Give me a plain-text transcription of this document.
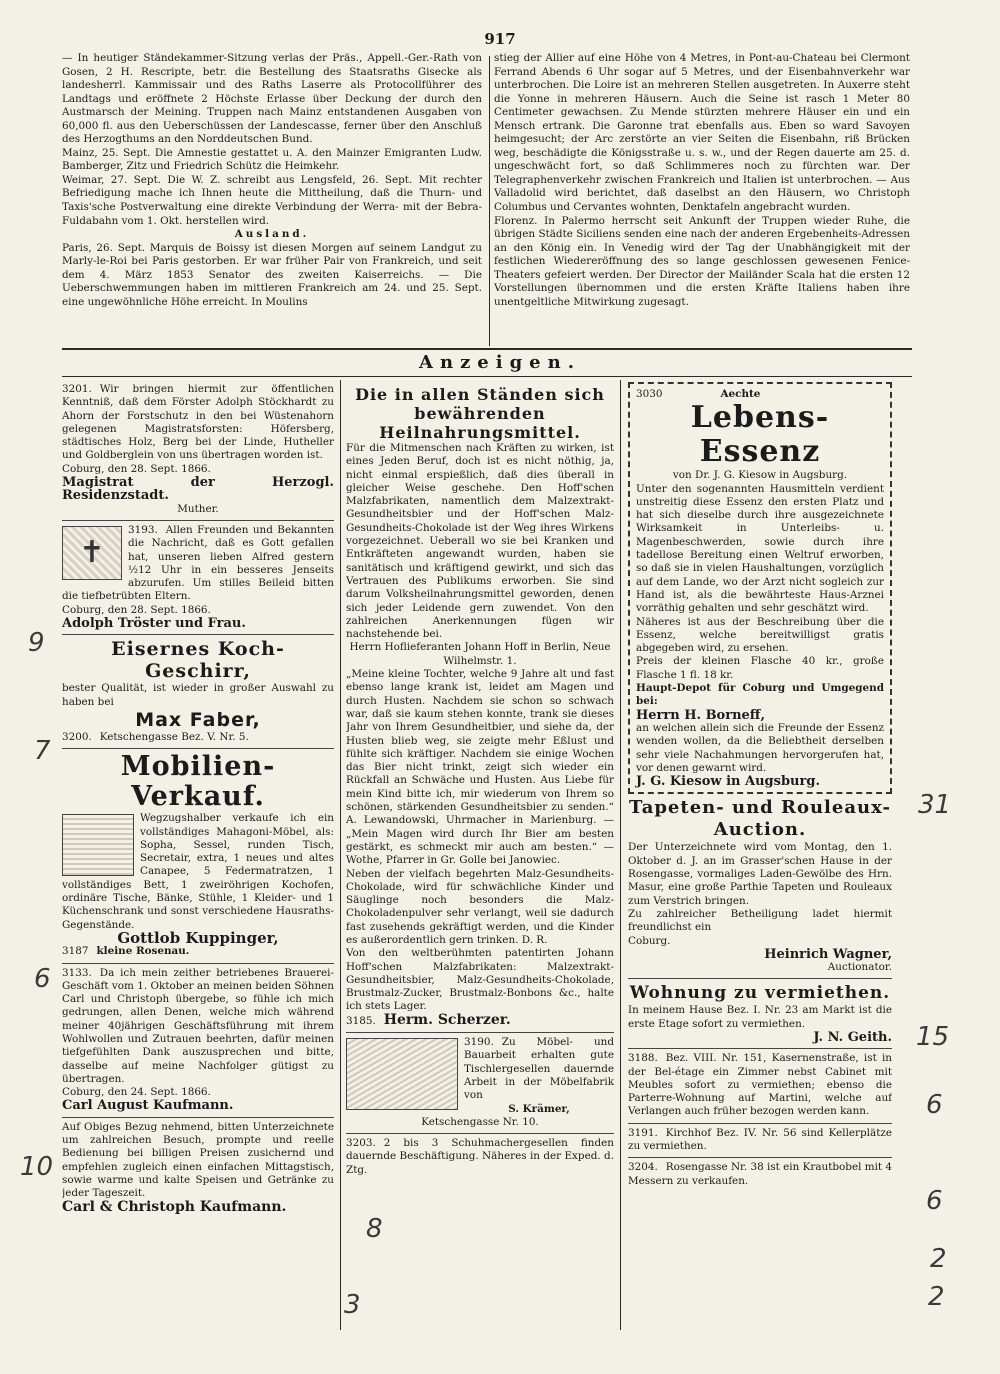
917

— In heutiger Ständekammer-Sitzung verlas der Präs., Appell.-Ger.-Rath von Gosen, 2 H. Rescripte, betr. die Bestellung des Staatsraths Gisecke als landesherrl. Kammissair und des Raths Laserre als Protocollführer des Landtags und eröffnete 2 Höchste Erlasse über Deckung der durch den Austmarsch der Meining. Truppen nach Mainz entstandenen Ausgaben von 60,000 fl. aus den Ueberschüssen der Landescasse, ferner über den Anschluß des Herzogthums an den Norddeutschen Bund.

Mainz, 25. Sept. Die Amnestie gestattet u. A. den Mainzer Emigranten Ludw. Bamberger, Zitz und Friedrich Schütz die Heimkehr.

Weimar, 27. Sept. Die W. Z. schreibt aus Lengsfeld, 26. Sept. Mit rechter Befriedigung mache ich Ihnen heute die Mittheilung, daß die Thurn- und Taxis'sche Postverwaltung eine direkte Verbindung der Werra- mit der Bebra-Fuldabahn vom 1. Okt. herstellen wird.

Ausland.

Paris, 26. Sept. Marquis de Boissy ist diesen Morgen auf seinem Landgut zu Marly-le-Roi bei Paris gestorben. Er war früher Pair von Frankreich, und seit dem 4. März 1853 Senator des zweiten Kaiserreichs. — Die Ueberschwemmungen haben im mittleren Frankreich am 24. und 25. Sept. eine ungewöhnliche Höhe erreicht. In Moulins

stieg der Allier auf eine Höhe von 4 Metres, in Pont-au-Chateau bei Clermont Ferrand Abends 6 Uhr sogar auf 5 Metres, und der Eisenbahnverkehr war unterbrochen. Die Loire ist an mehreren Stellen ausgetreten. In Auxerre steht die Yonne in mehreren Häusern. Auch die Seine ist rasch 1 Meter 80 Centimeter gewachsen. Zu Mende stürzten mehrere Häuser ein und ein Mensch ertrank. Die Garonne trat ebenfalls aus. Eben so ward Savoyen heimgesucht; der Arc zerstörte an vier Seiten die Eisenbahn, riß Brücken weg, beschädigte die Königsstraße u. s. w., und der Regen dauerte am 25. d. ungeschwächt fort, so daß Schlimmeres noch zu fürchten war. Der Telegraphenverkehr zwischen Frankreich und Italien ist unterbrochen. — Aus Valladolid wird berichtet, daß daselbst an den Häusern, wo Christoph Columbus und Cervantes wohnten, Denktafeln angebracht wurden.

Florenz. In Palermo herrscht seit Ankunft der Truppen wieder Ruhe, die übrigen Städte Siciliens senden eine nach der anderen Ergebenheits-Adressen an den König ein. In Venedig wird der Tag der Unabhängigkeit mit der festlichen Wiedereröffnung des so lange geschlossen gewesenen Fenice-Theaters gefeiert werden. Der Director der Mailänder Scala hat die ersten 12 Vorstellungen übernommen und die ersten Kräfte Italiens haben ihre unentgeltliche Mitwirkung zugesagt.

Anzeigen.

3201. Wir bringen hiermit zur öffentlichen Kenntniß, daß dem Förster Adolph Stöckhardt zu Ahorn der Forstschutz in den bei Wüstenahorn gelegenen Magistratsforsten: Höfersberg, städtisches Holz, Berg bei der Linde, Hutheller und Goldberglein von uns übertragen worden ist.

Coburg, den 28. Sept. 1866.

Magistrat der Herzogl. Residenzstadt.

Muther.

✝

3193. Allen Freunden und Bekannten die Nachricht, daß es Gott gefallen hat, unseren lieben Alfred gestern ½12 Uhr in ein besseres Jenseits abzurufen. Um stilles Beileid bitten die tiefbetrübten Eltern.

Coburg, den 28. Sept. 1866.

Adolph Tröster und Frau.

Eisernes Koch-Geschirr,

bester Qualität, ist wieder in großer Auswahl zu haben bei

Max Faber,

3200. Ketschengasse Bez. V. Nr. 5.

Mobilien-Verkauf.

Wegzugshalber verkaufe ich ein vollständiges Mahagoni-Möbel, als: Sopha, Sessel, runden Tisch, Secretair, extra, 1 neues und altes Canapee, 5 Federmatratzen, 1 vollständiges Bett, 1 zweiröhrigen Kochofen, ordinäre Tische, Bänke, Stühle, 1 Kleider- und 1 Küchenschrank und sonst verschiedene Hausraths-Gegenstände.

Gottlob Kuppinger,

3187 kleine Rosenau.

3133. Da ich mein zeither betriebenes Brauerei-Geschäft vom 1. Oktober an meinen beiden Söhnen Carl und Christoph übergebe, so fühle ich mich gedrungen, allen Denen, welche mich während meiner 40jährigen Geschäftsführung mit ihrem Wohlwollen und Zutrauen beehrten, dafür meinen tiefgefühlten Dank auszusprechen und bitte, dasselbe auf meine Nachfolger gütigst zu übertragen.

Coburg, den 24. Sept. 1866.

Carl August Kaufmann.

Auf Obiges Bezug nehmend, bitten Unterzeichnete um zahlreichen Besuch, prompte und reelle Bedienung bei billigen Preisen zusichernd und empfehlen zugleich einen einfachen Mittagstisch, sowie warme und kalte Speisen und Getränke zu jeder Tageszeit.

Carl & Christoph Kaufmann.

Die in allen Ständen sich bewährenden Heilnahrungsmittel.

Für die Mitmenschen nach Kräften zu wirken, ist eines Jeden Beruf, doch ist es nicht nöthig, ja, nicht einmal erspießlich, daß dies überall in gleicher Weise geschehe. Den Hoff'schen Malzfabrikaten, namentlich dem Malzextrakt-Gesundheitsbier und der Hoff'schen Malz-Gesundheits-Chokolade ist der Weg ihres Wirkens vorgezeichnet. Ueberall wo sie bei Kranken und Entkräfteten angewandt wurden, haben sie sanitätisch und kräftigend gewirkt, und sich das Vertrauen des Publikums erworben. Sie sind darum Volksheilnahrungsmittel geworden, denen sich jeder Leidende gern zuwendet. Von den zahlreichen Anerkennungen fügen wir nachstehende bei.

Herrn Hoflieferanten Johann Hoff in Berlin, Neue Wilhelmstr. 1.

„Meine kleine Tochter, welche 9 Jahre alt und fast ebenso lange krank ist, leidet am Magen und durch Husten. Nachdem sie schon so schwach war, daß sie kaum stehen konnte, trank sie dieses Jahr von Ihrem Gesundheitbier, und siehe da, der Husten blieb weg, sie zeigte mehr Eßlust und fühlte sich kräftiger. Nachdem sie einige Wochen das Bier nicht trinkt, zeigt sich wieder ein Rückfall an Schwäche und Husten. Aus Liebe für mein Kind bitte ich, mir wiederum von Ihrem so schönen, stärkenden Gesundheitsbier zu senden.“ A. Lewandowski, Uhrmacher in Marienburg. — „Mein Magen wird durch Ihr Bier am besten gestärkt, es schmeckt mir auch am besten.“ — Wothe, Pfarrer in Gr. Golle bei Janowiec.

Neben der vielfach begehrten Malz-Gesundheits-Chokolade, wird für schwächliche Kinder und Säuglinge noch besonders die Malz-Chokoladenpulver sehr verlangt, weil sie dadurch fast zusehends gekräftigt werden, und die Kinder es außerordentlich gern trinken. D. R.

Von den weltberühmten patentirten Johann Hoff'schen Malzfabrikaten: Malzextrakt-Gesundheitsbier, Malz-Gesundheits-Chokolade, Brustmalz-Zucker, Brustmalz-Bonbons &c., halte ich stets Lager.

3185. Herm. Scherzer.

3190. Zu Möbel- und Bauarbeit erhalten gute Tischlergesellen dauernde Arbeit in der Möbelfabrik von

S. Krämer,

Ketschengasse Nr. 10.

3203. 2 bis 3 Schuhmachergesellen finden dauernde Beschäftigung. Näheres in der Exped. d. Ztg.

3030	Aechte

Lebens-Essenz

von Dr. J. G. Kiesow in Augsburg.

Unter den sogenannten Hausmitteln verdient unstreitig diese Essenz den ersten Platz und hat sich dieselbe durch ihre ausgezeichnete Wirksamkeit in Unterleibs- u. Magenbeschwerden, sowie durch ihre tadellose Bereitung einen Weltruf erworben, so daß sie in vielen Haushaltungen, vorzüglich auf dem Lande, wo der Arzt nicht sogleich zur Hand ist, als die bewährteste Haus-Arznei vorräthig gehalten und sehr geschätzt wird.

Näheres ist aus der Beschreibung über die Essenz, welche bereitwilligst gratis abgegeben wird, zu ersehen.

Preis der kleinen Flasche 40 kr., große Flasche 1 fl. 18 kr.

Haupt-Depot für Coburg und Umgegend bei:

Herrn H. Borneff,

an welchen allein sich die Freunde der Essenz wenden wollen, da die Beliebtheit derselben sehr viele Nachahmungen hervorgerufen hat, vor denen gewarnt wird.

J. G. Kiesow in Augsburg.

Tapeten- und Rouleaux-Auction.

Der Unterzeichnete wird vom Montag, den 1. Oktober d. J. an im Grasser'schen Hause in der Rosengasse, vormaliges Laden-Gewölbe des Hrn. Masur, eine große Parthie Tapeten und Rouleaux zum Verstrich bringen.

Zu zahlreicher Betheiligung ladet hiermit freundlichst ein

Coburg.

Heinrich Wagner,

Auctionator.

Wohnung zu vermiethen.

In meinem Hause Bez. I. Nr. 23 am Markt ist die erste Etage sofort zu vermiethen.

J. N. Geith.

3188. Bez. VIII. Nr. 151, Kasernenstraße, ist in der Bel-étage ein Zimmer nebst Cabinet mit Meubles sofort zu vermiethen; ebenso die Parterre-Wohnung auf Martini, welche auf Verlangen auch früher bezogen werden kann.

3191. Kirchhof Bez. IV. Nr. 56 sind Kellerplätze zu vermiethen.

3204. Rosengasse Nr. 38 ist ein Krautbobel mit 4 Messern zu verkaufen.

9
7
6
10
31
15
6
6
2
2
8
3
